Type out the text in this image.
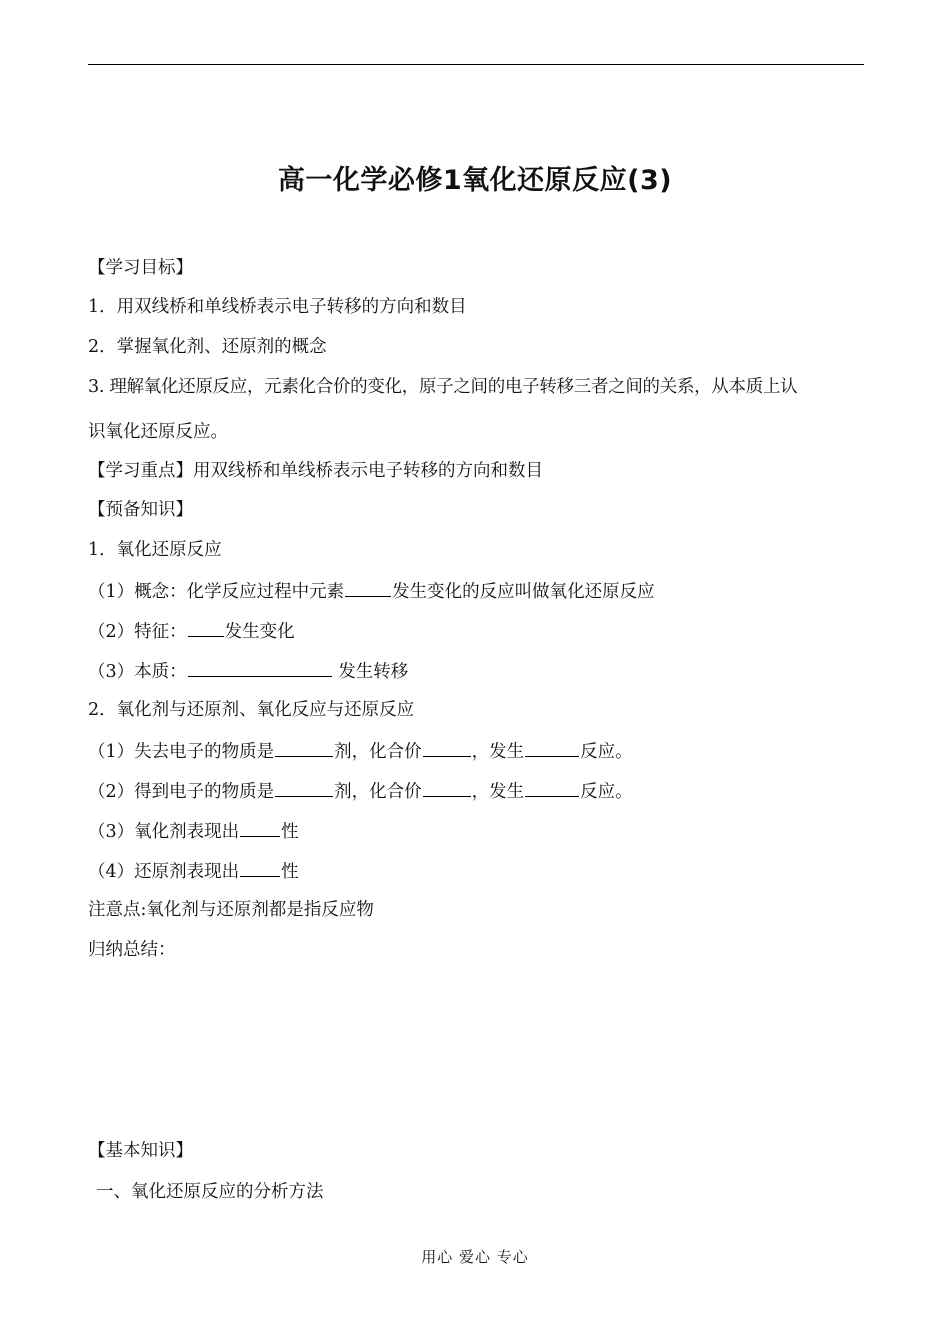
高一化学必修1氧化还原反应(3)
【学习目标】
1．用双线桥和单线桥表示电子转移的方向和数目
2．掌握氧化剂、还原剂的概念
3. 理解氧化还原反应，元素化合价的变化，原子之间的电子转移三者之间的关系，从本质上认
识氧化还原反应。
【学习重点】用双线桥和单线桥表示电子转移的方向和数目
【预备知识】
1．氧化还原反应
（1）概念：化学反应过程中元素	发生变化的反应叫做氧化还原反应
（2）特征： 发生变化
（3）本质：	发生转移
2．氧化剂与还原剂、氧化反应与还原反应
（1）失去电子的物质是	剂，化合价	，发生	反应。
（2）得到电子的物质是	剂，化合价	，发生	反应。
（3）氧化剂表现出 性
（4）还原剂表现出 性
注意点:氧化剂与还原剂都是指反应物
归纳总结：
【基本知识】
一、氧化还原反应的分析方法
用心 爱心 专心
